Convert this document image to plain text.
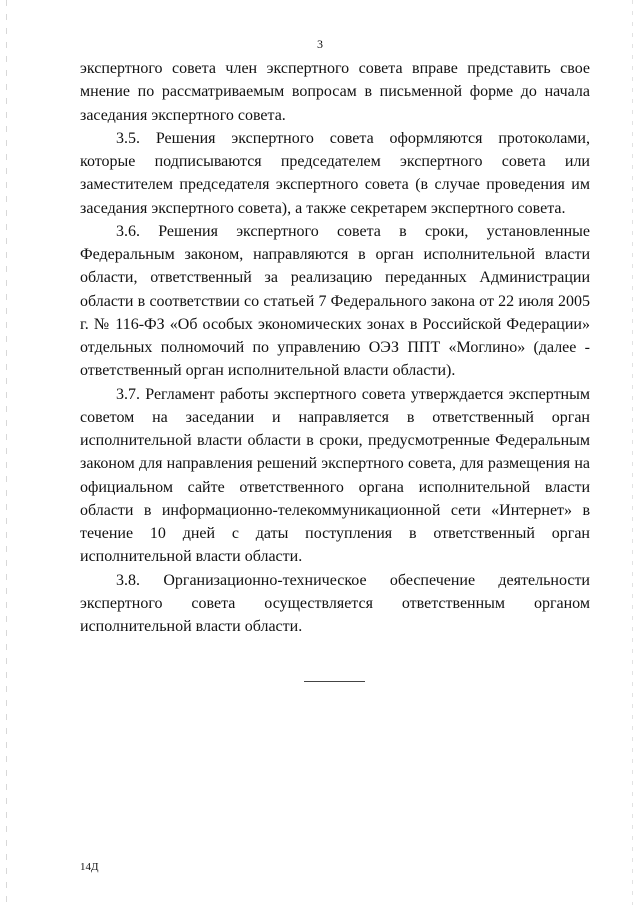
3

экспертного совета член экспертного совета вправе представить свое мнение по рассматриваемым вопросам в письменной форме до начала заседания экспертного совета.

3.5. Решения экспертного совета оформляются протоколами, которые подписываются председателем экспертного совета или заместителем председателя экспертного совета (в случае проведения им заседания экспертного совета), а также секретарем экспертного совета.

3.6. Решения экспертного совета в сроки, установленные Федеральным законом, направляются в орган исполнительной власти области, ответственный за реализацию переданных Администрации области в соответствии со статьей 7 Федерального закона от 22 июля 2005 г. № 116-ФЗ «Об особых экономических зонах в Российской Федерации» отдельных полномочий по управлению ОЭЗ ППТ «Моглино» (далее - ответственный орган исполнительной власти области).

3.7. Регламент работы экспертного совета утверждается экспертным советом на заседании и направляется в ответственный орган исполнительной власти области в сроки, предусмотренные Федеральным законом для направления решений экспертного совета, для размещения на официальном сайте ответственного органа исполнительной власти области в информационно-телекоммуникационной сети «Интернет» в течение 10 дней с даты поступления в ответственный орган исполнительной власти области.

3.8. Организационно-техническое обеспечение деятельности экспертного совета осуществляется ответственным органом исполнительной власти области.

14Д
